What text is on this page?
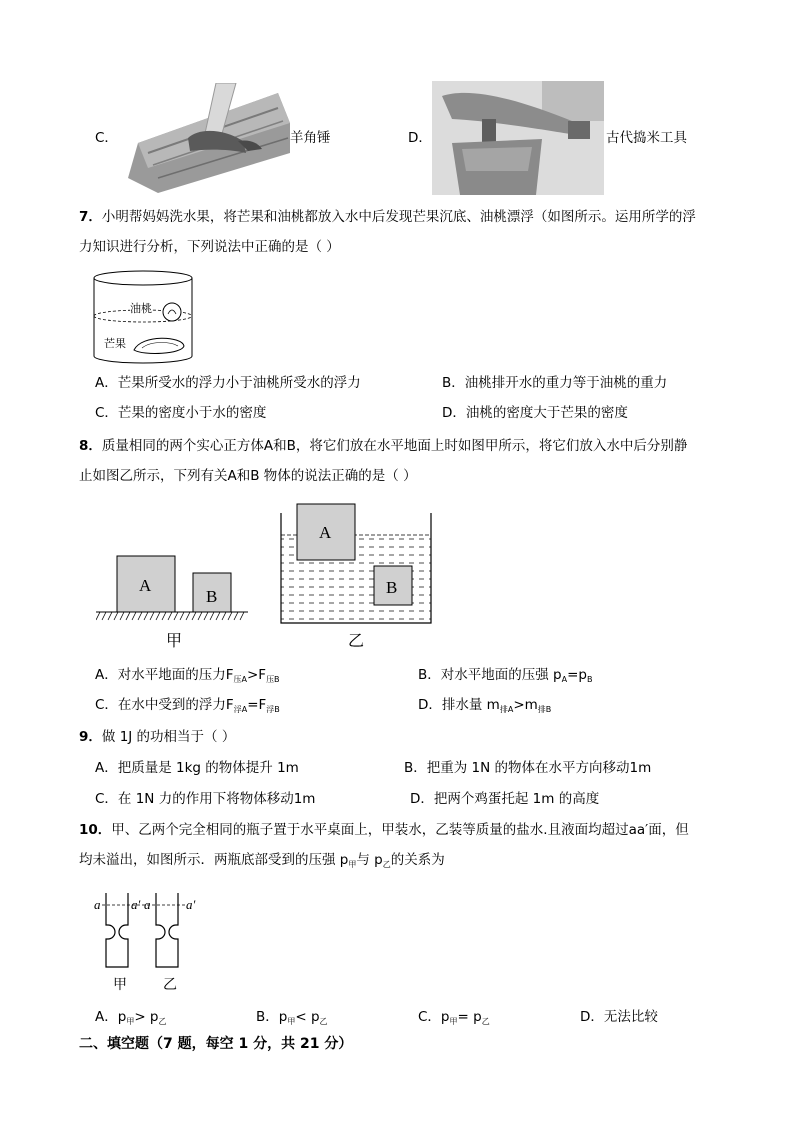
C．	羊角锤	D．	古代捣米工具
7．小明帮妈妈洗水果，将芒果和油桃都放入水中后发现芒果沉底、油桃漂浮（如图所示。运用所学的浮
力知识进行分析，下列说法中正确的是（ ）
油桃
芒果
A．芒果所受水的浮力小于油桃所受水的浮力	B．油桃排开水的重力等于油桃的重力
C．芒果的密度小于水的密度	D．油桃的密度大于芒果的密度
8．质量相同的两个实心正方体A和B，将它们放在水平地面上时如图甲所示，将它们放入水中后分别静
止如图乙所示，下列有关A和B 物体的说法正确的是（ ）
A
B
甲
A
B
乙
A．对水平地面的压力$F_{压A}>F_{压B}$	B．对水平地面的压强 $p_A=p_B$
C．在水中受到的浮力$F_{浮A}=F_{浮B}$	D．排水量 $m_{排A}>m_{排B}$
9．做 1J 的功相当于（ ）
A．把质量是 1kg 的物体提升 1m	B．把重为 1N 的物体在水平方向移动1m
C．在 1N 力的作用下将物体移动1m	D．把两个鸡蛋托起 1m 的高度
10．甲、乙两个完全相同的瓶子置于水平桌面上，甲装水，乙装等质量的盐水.且液面均超过aa′面，但
均未溢出，如图所示．两瓶底部受到的压强 $p_甲$与 $p_乙$的关系为
a a′ a	a′
甲	乙
A．$p_甲> p_乙$	B．$p_甲< p_乙$	C．$p_甲= p_乙$	D．无法比较
二、填空题（7 题，每空 1 分，共 21 分）
